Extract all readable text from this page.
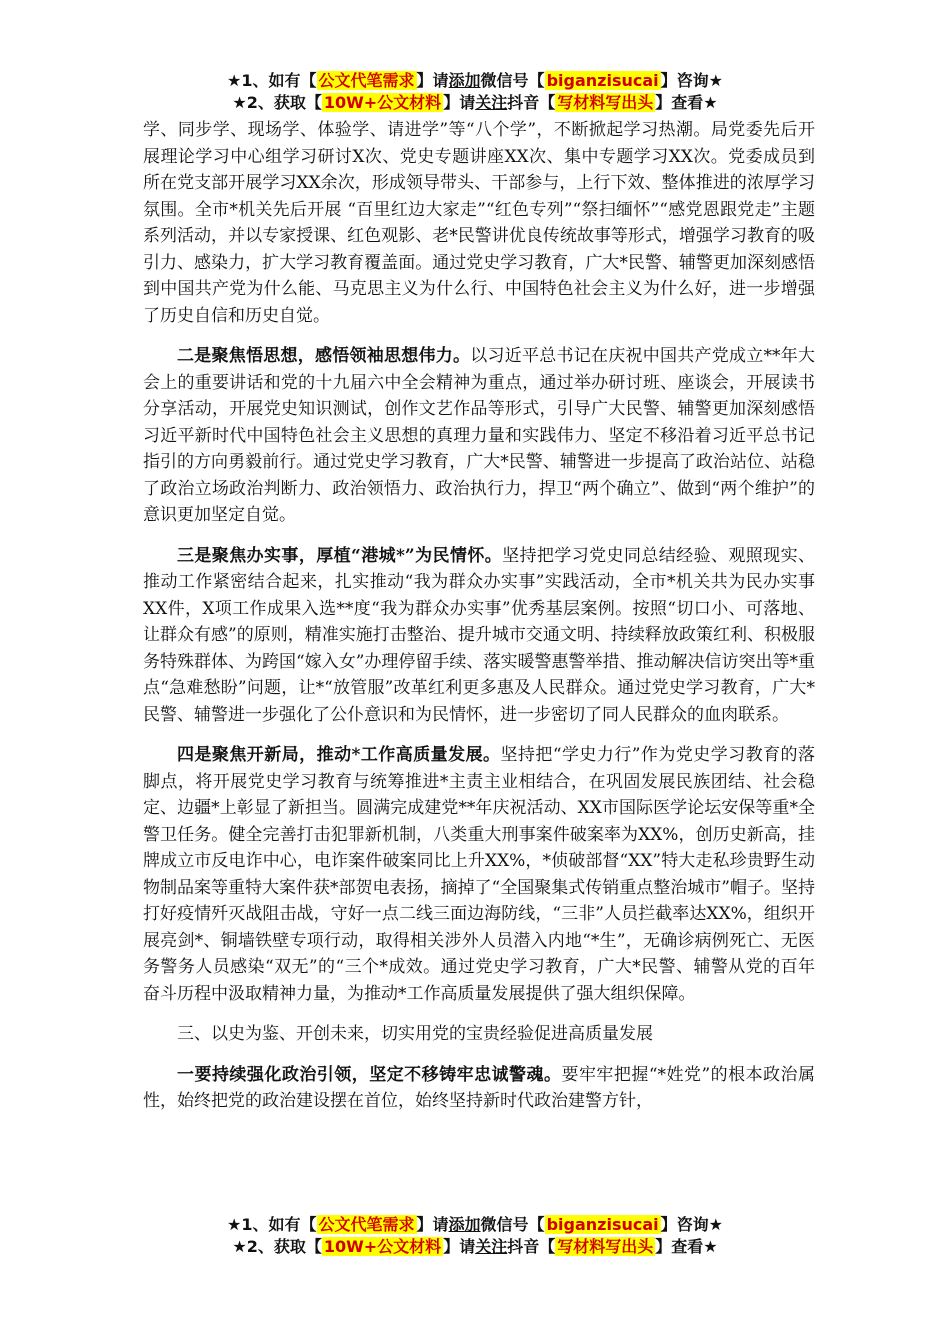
★1、如有【 公文代笔需求 】请添加微信号【 biganzisucai 】咨询★
★2、获取【 10W+公文材料 】请关注抖音【 写材料写出头 】查看★

学、同步学、现场学、体验学、请进学”等“八个学”，不断掀起学习热潮。局党委先后开展理论学习中心组学习研讨X次、党史专题讲座XX次、集中专题学习XX次。党委成员到所在党支部开展学习XX余次，形成领导带头、干部参与，上行下效、整体推进的浓厚学习氛围。全市*机关先后开展 “百里红边大家走”“红色专列”“祭扫缅怀”“感党恩跟党走”主题系列活动，并以专家授课、红色观影、老*民警讲优良传统故事等形式，增强学习教育的吸引力、感染力，扩大学习教育覆盖面。通过党史学习教育，广大*民警、辅警更加深刻感悟到中国共产党为什么能、马克思主义为什么行、中国特色社会主义为什么好，进一步增强了历史自信和历史自觉。

二是聚焦悟思想，感悟领袖思想伟力。以习近平总书记在庆祝中国共产党成立**年大会上的重要讲话和党的十九届六中全会精神为重点，通过举办研讨班、座谈会，开展读书分享活动，开展党史知识测试，创作文艺作品等形式，引导广大民警、辅警更加深刻感悟习近平新时代中国特色社会主义思想的真理力量和实践伟力、坚定不移沿着习近平总书记指引的方向勇毅前行。通过党史学习教育，广大*民警、辅警进一步提高了政治站位、站稳了政治立场政治判断力、政治领悟力、政治执行力，捍卫“两个确立”、做到“两个维护”的意识更加坚定自觉。

三是聚焦办实事，厚植“港城*”为民情怀。坚持把学习党史同总结经验、观照现实、推动工作紧密结合起来，扎实推动“我为群众办实事”实践活动，全市*机关共为民办实事XX件，X项工作成果入选**度“我为群众办实事”优秀基层案例。按照“切口小、可落地、让群众有感”的原则，精准实施打击整治、提升城市交通文明、持续释放政策红利、积极服务特殊群体、为跨国“嫁入女”办理停留手续、落实暖警惠警举措、推动解决信访突出等*重点“急难愁盼”问题，让*“放管服”改革红利更多惠及人民群众。通过党史学习教育，广大*民警、辅警进一步强化了公仆意识和为民情怀，进一步密切了同人民群众的血肉联系。

四是聚焦开新局，推动*工作高质量发展。坚持把“学史力行”作为党史学习教育的落脚点，将开展党史学习教育与统筹推进*主责主业相结合，在巩固发展民族团结、社会稳定、边疆*上彰显了新担当。圆满完成建党**年庆祝活动、XX市国际医学论坛安保等重*全警卫任务。健全完善打击犯罪新机制，八类重大刑事案件破案率为XX%，创历史新高，挂牌成立市反电诈中心，电诈案件破案同比上升XX%，*侦破部督“XX”特大走私珍贵野生动物制品案等重特大案件获*部贺电表扬，摘掉了“全国聚集式传销重点整治城市”帽子。坚持打好疫情歼灭战阻击战，守好一点二线三面边海防线，“三非”人员拦截率达XX%，组织开展亮剑*、铜墙铁壁专项行动，取得相关涉外人员潜入内地“*生”，无确诊病例死亡、无医务警务人员感染“双无”的“三个*成效。通过党史学习教育，广大*民警、辅警从党的百年奋斗历程中汲取精神力量，为推动*工作高质量发展提供了强大组织保障。

三、以史为鉴、开创未来，切实用党的宝贵经验促进高质量发展

一要持续强化政治引领，坚定不移铸牢忠诚警魂。要牢牢把握“*姓党”的根本政治属性，始终把党的政治建设摆在首位，始终坚持新时代政治建警方针，

★1、如有【 公文代笔需求 】请添加微信号【 biganzisucai 】咨询★
★2、获取【 10W+公文材料 】请关注抖音【 写材料写出头 】查看★
